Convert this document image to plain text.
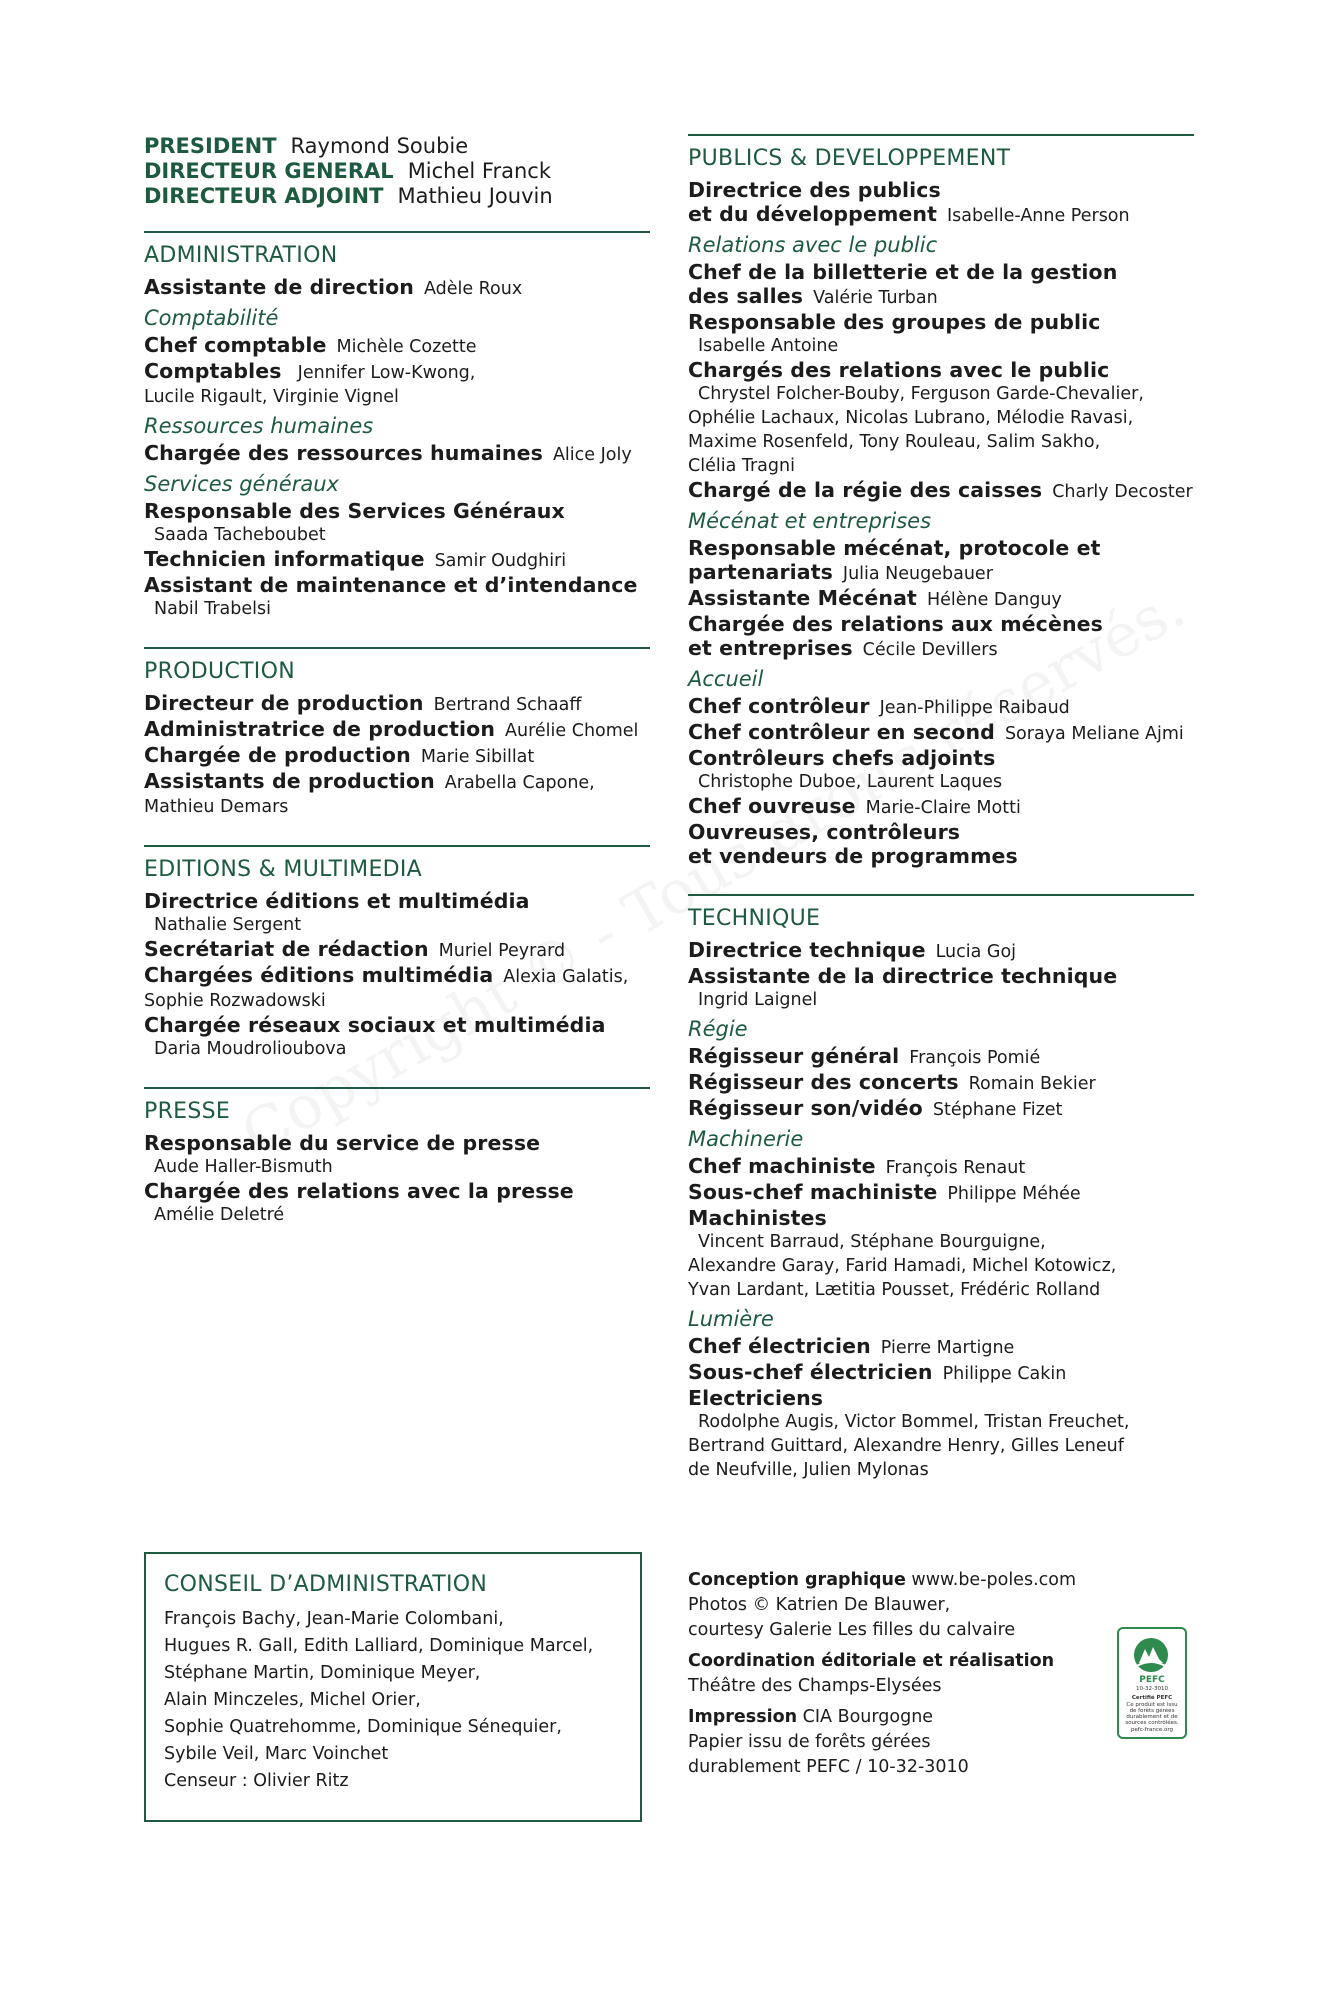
PRESIDENT Raymond Soubie
DIRECTEUR GENERAL Michel Franck
DIRECTEUR ADJOINT Mathieu Jouvin
ADMINISTRATION
Assistante de direction Adèle Roux
Comptabilité
Chef comptable Michèle Cozette
Comptables Jennifer Low-Kwong,
Lucile Rigault, Virginie Vignel
Ressources humaines
Chargée des ressources humaines Alice Joly
Services généraux
Responsable des Services Généraux
Saada Tacheboubet
Technicien informatique Samir Oudghiri
Assistant de maintenance et d’intendance
Nabil Trabelsi
PRODUCTION
Directeur de production Bertrand Schaaff
Administratrice de production Aurélie Chomel
Chargée de production Marie Sibillat
Assistants de production Arabella Capone,
Mathieu Demars
EDITIONS & MULTIMEDIA
Directrice éditions et multimédia
Nathalie Sergent
Secrétariat de rédaction Muriel Peyrard
Chargées éditions multimédia Alexia Galatis,
Sophie Rozwadowski
Chargée réseaux sociaux et multimédia
Daria Moudrolioubova
PRESSE
Responsable du service de presse
Aude Haller-Bismuth
Chargée des relations avec la presse
Amélie Deletré
PUBLICS & DEVELOPPEMENT
Directrice des publics
et du développement Isabelle-Anne Person
Relations avec le public
Chef de la billetterie et de la gestion
des salles Valérie Turban
Responsable des groupes de public
Isabelle Antoine
Chargés des relations avec le public
Chrystel Folcher-Bouby, Ferguson Garde-Chevalier,
Ophélie Lachaux, Nicolas Lubrano, Mélodie Ravasi,
Maxime Rosenfeld, Tony Rouleau, Salim Sakho,
Clélia Tragni
Chargé de la régie des caisses Charly Decoster
Mécénat et entreprises
Responsable mécénat, protocole et
partenariats Julia Neugebauer
Assistante Mécénat Hélène Danguy
Chargée des relations aux mécènes
et entreprises Cécile Devillers
Accueil
Chef contrôleur Jean-Philippe Raibaud
Chef contrôleur en second Soraya Meliane Ajmi
Contrôleurs chefs adjoints
Christophe Duboe, Laurent Laques
Chef ouvreuse Marie-Claire Motti
Ouvreuses, contrôleurs
et vendeurs de programmes
TECHNIQUE
Directrice technique Lucia Goj
Assistante de la directrice technique
Ingrid Laignel
Régie
Régisseur général François Pomié
Régisseur des concerts Romain Bekier
Régisseur son/vidéo Stéphane Fizet
Machinerie
Chef machiniste François Renaut
Sous-chef machiniste Philippe Méhée
Machinistes
Vincent Barraud, Stéphane Bourguigne,
Alexandre Garay, Farid Hamadi, Michel Kotowicz,
Yvan Lardant, Lætitia Pousset, Frédéric Rolland
Lumière
Chef électricien Pierre Martigne
Sous-chef électricien Philippe Cakin
Electriciens
Rodolphe Augis, Victor Bommel, Tristan Freuchet,
Bertrand Guittard, Alexandre Henry, Gilles Leneuf
de Neufville, Julien Mylonas
CONSEIL D’ADMINISTRATION
François Bachy, Jean-Marie Colombani,
Hugues R. Gall, Edith Lalliard, Dominique Marcel,
Stéphane Martin, Dominique Meyer,
Alain Minczeles, Michel Orier,
Sophie Quatrehomme, Dominique Sénequier,
Sybile Veil, Marc Voinchet
Censeur : Olivier Ritz
Conception graphique www.be-poles.com
Photos © Katrien De Blauwer,
courtesy Galerie Les filles du calvaire
Coordination éditoriale et réalisation
Théâtre des Champs-Elysées
Impression CIA Bourgogne
Papier issu de forêts gérées
durablement PEFC / 10-32-3010
PEFC
10-32-3010
Certifié PEFC
Ce produit est issu
de forêts gérées
durablement et de
sources contrôlées.
pefc-france.org
